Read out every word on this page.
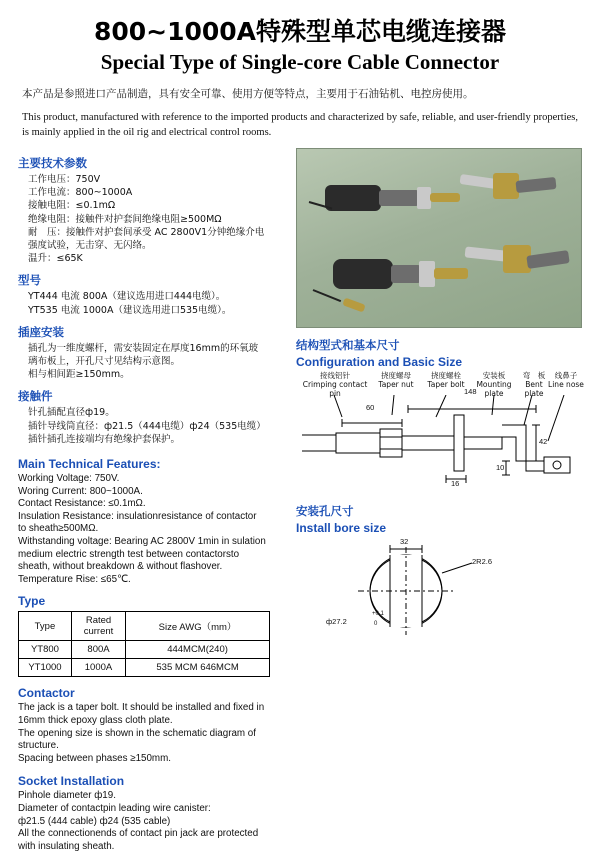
800~1000A特殊型单芯电缆连接器
Special Type of Single-core Cable Connector

本产品是参照进口产品制造，具有安全可靠、使用方便等特点，主要用于石油钻机、电控房使用。

This product, manufactured with reference to the imported products and characterized by safe, reliable, and user-friendly properties, is mainly applied in the oil rig and electrical control rooms.

主要技术参数
工作电压：750V
工作电流：800~1000A
接触电阻：≤0.1mΩ
绝缘电阻：接触件对护套间绝缘电阻≥500MΩ
耐　压：接触件对护套间承受 AC 2800V1分钟绝缘介电
强度试验，无击穿、无闪络。
温升：≤65K
型号
YT444 电流 800A（建议选用进口444电缆）。
YT535 电流 1000A（建议选用进口535电缆）。
插座安装
插孔为一维度螺杆，需安装固定在厚度16mm的环氧玻
璃布板上，开孔尺寸见结构示意图。
相与相间距≥150mm。
接触件
针孔插配直径ф19。
插针导线筒直径：ф21.5（444电缆）ф24（535电缆）
插针插孔连接端均有绝缘护套保护。
Main Technical Features:
Working Voltage: 750V.
Woring Current: 800~1000A.
Contact Resistance: ≤0.1mΩ.
Insulation Resistance: insulationresistance of contactor
to sheath≥500MΩ.
Withstanding voltage: Bearing AC 2800V 1min in sulation
medium electric strength test between contactorsto
sheath, without breakdown & without flashover.
Temperature Rise: ≤65℃.
Type
Type	Rated current	Size AWG（mm）
YT800	800A	444MCM(240)
YT1000	1000A	535 MCM 646MCM
Contactor
The jack is a taper bolt. It should be installed and fixed in
16mm thick epoxy glass cloth plate.
The opening size is shown in the schematic diagram of
structure.
Spacing between phases ≥150mm.
Socket Installation
Pinhole diameter ф19.
Diameter of contactpin leading wire canister:
ф21.5 (444 cable) ф24 (535 cable)
All the connectionends of contact pin jack are protected
with insulating sheath.
结构型式和基本尺寸
Configuration and Basic Size
接线铝针
Crimping contact pin
挠度螺母
Taper nut
挠度螺栓
Taper bolt
安装板
Mounting plate
弯　板
Bent plate
线鼻子
Line nose
148
60
42
10
16
安装孔尺寸
Install bore size
32
ф27.2
+0.1
0
2R2.6
